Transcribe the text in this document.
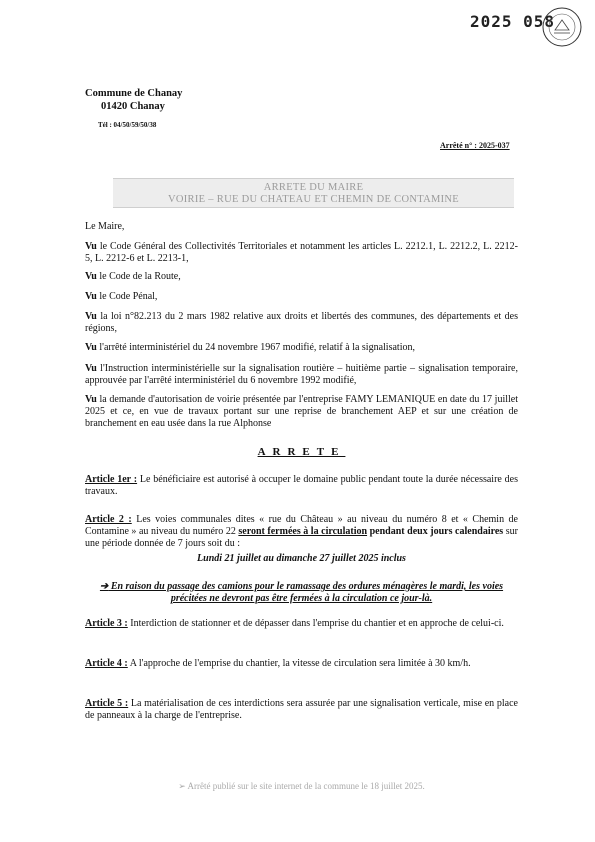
2025 058
Commune de Chanay
01420 Chanay
Tél : 04/50/59/50/38
Arrêté n° : 2025-037
ARRETE DU MAIRE
VOIRIE – RUE DU CHATEAU ET CHEMIN DE CONTAMINE
Le Maire,
Vu le Code Général des Collectivités Territoriales et notamment les articles L. 2212.1, L. 2212.2, L. 2212-5, L. 2212-6 et L. 2213-1,
Vu le Code de la Route,
Vu le Code Pénal,
Vu la loi n°82.213 du 2 mars 1982 relative aux droits et libertés des communes, des départements et des régions,
Vu l'arrêté interministériel du 24 novembre 1967 modifié, relatif à la signalisation,
Vu l'Instruction interministérielle sur la signalisation routière – huitième partie – signalisation temporaire, approuvée par l'arrêté interministériel du 6 novembre 1992 modifié,
Vu la demande d'autorisation de voirie présentée par l'entreprise FAMY LEMANIQUE en date du 17 juillet 2025 et ce, en vue de travaux portant sur une reprise de branchement AEP et sur une création de branchement en eau usée dans la rue Alphonse
ARRETE
Article 1er : Le bénéficiaire est autorisé à occuper le domaine public pendant toute la durée nécessaire des travaux.
Article 2 : Les voies communales dites « rue du Château » au niveau du numéro 8 et « Chemin de Contamine » au niveau du numéro 22 seront fermées à la circulation pendant deux jours calendaires sur une période donnée de 7 jours soit du :
Lundi 21 juillet au dimanche 27 juillet 2025 inclus
➔ En raison du passage des camions pour le ramassage des ordures ménagères le mardi, les voies précitées ne devront pas être fermées à la circulation ce jour-là.
Article 3 : Interdiction de stationner et de dépasser dans l'emprise du chantier et en approche de celui-ci.
Article 4 : A l'approche de l'emprise du chantier, la vitesse de circulation sera limitée à 30 km/h.
Article 5 : La matérialisation de ces interdictions sera assurée par une signalisation verticale, mise en place de panneaux à la charge de l'entreprise.
➢ Arrêté publié sur le site internet de la commune le 18 juillet 2025.
